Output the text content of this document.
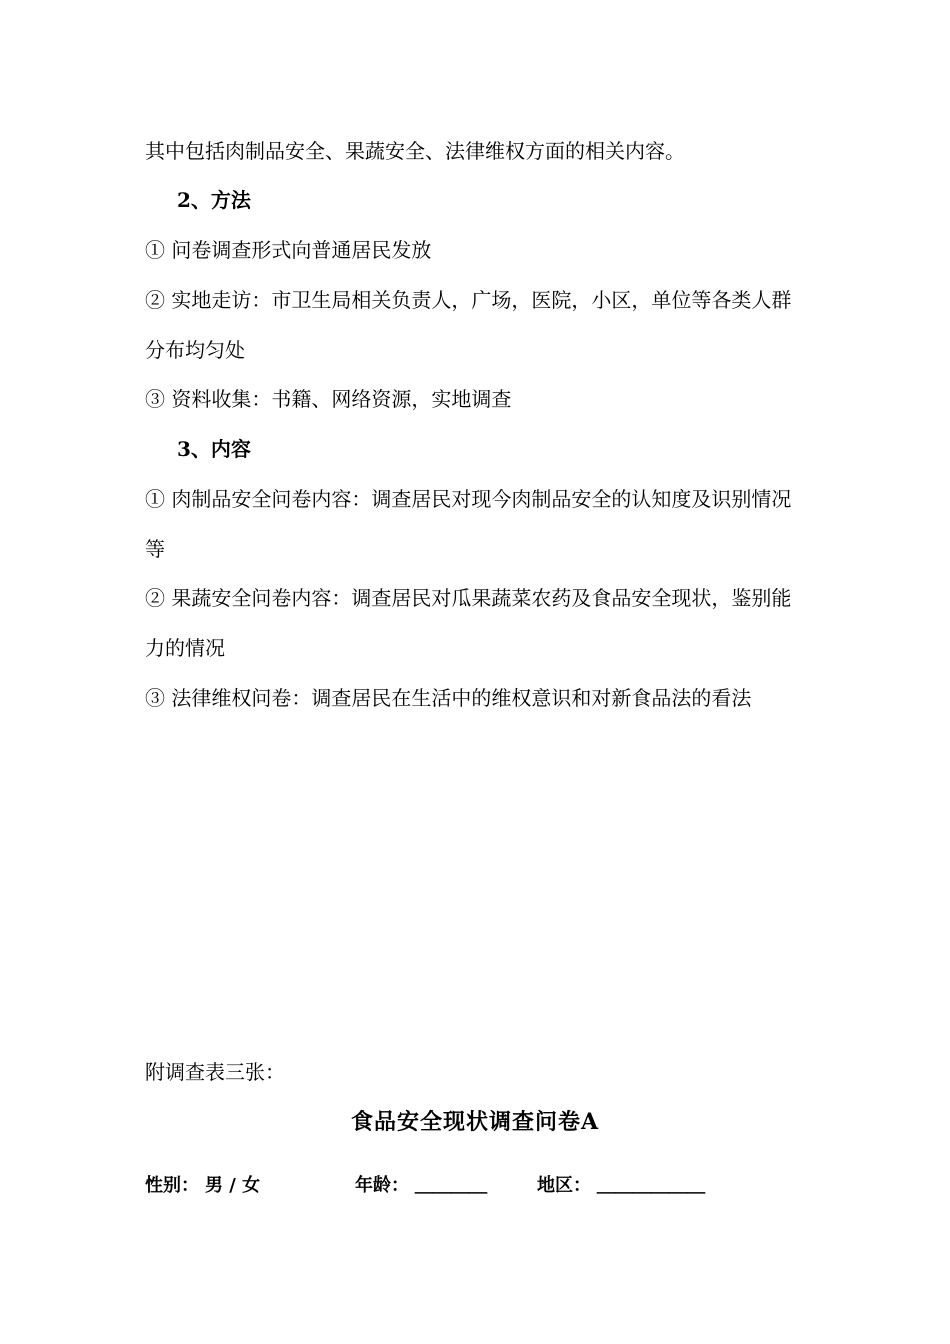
其中包括肉制品安全、果蔬安全、法律维权方面的相关内容。
2、方法
① 问卷调查形式向普通居民发放
② 实地走访：市卫生局相关负责人，广场，医院，小区，单位等各类人群
分布均匀处
③ 资料收集：书籍、网络资源，实地调查
3、内容
① 肉制品安全问卷内容：调查居民对现今肉制品安全的认知度及识别情况
等
② 果蔬安全问卷内容：调查居民对瓜果蔬菜农药及食品安全现状，鉴别能
力的情况
③ 法律维权问卷：调查居民在生活中的维权意识和对新食品法的看法
附调查表三张：
食品安全现状调查问卷A
性别： 男 / 女	年龄： ＿＿＿＿	地区： ＿＿＿＿＿＿
